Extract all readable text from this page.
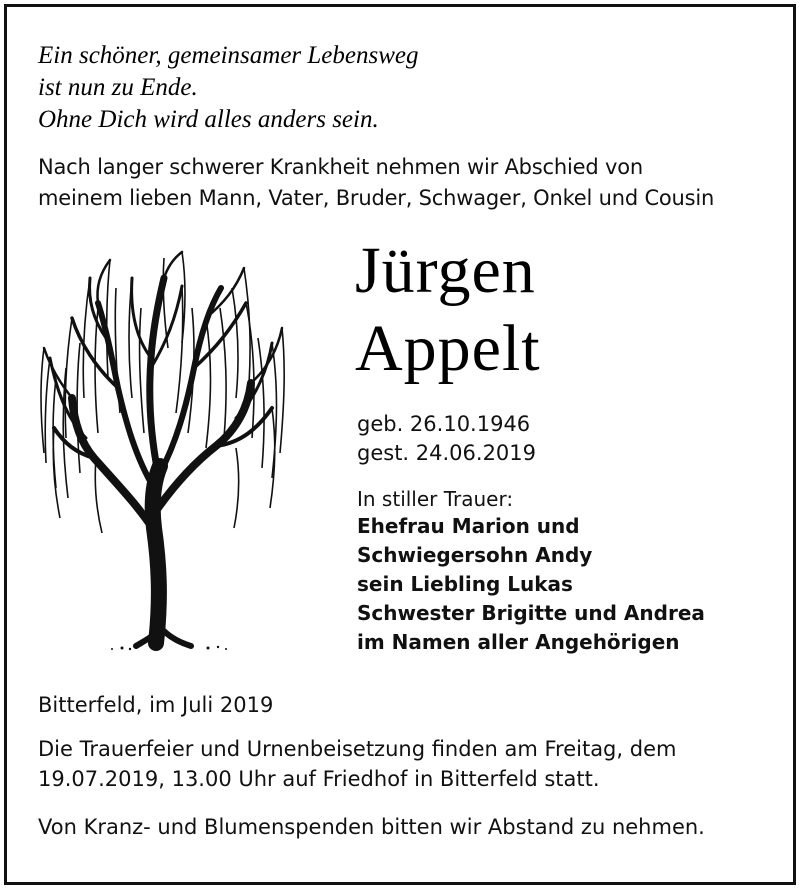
Ein schöner, gemeinsamer Lebensweg
ist nun zu Ende.
Ohne Dich wird alles anders sein.
Nach langer schwerer Krankheit nehmen wir Abschied von
meinem lieben Mann, Vater, Bruder, Schwager, Onkel und Cousin
Jürgen
Appelt
geb. 26.10.1946
gest. 24.06.2019
In stiller Trauer:
Ehefrau Marion und
Schwiegersohn Andy
sein Liebling Lukas
Schwester Brigitte und Andrea
im Namen aller Angehörigen
Bitterfeld, im Juli 2019
Die Trauerfeier und Urnenbeisetzung finden am Freitag, dem
19.07.2019, 13.00 Uhr auf Friedhof in Bitterfeld statt.
Von Kranz- und Blumenspenden bitten wir Abstand zu nehmen.
